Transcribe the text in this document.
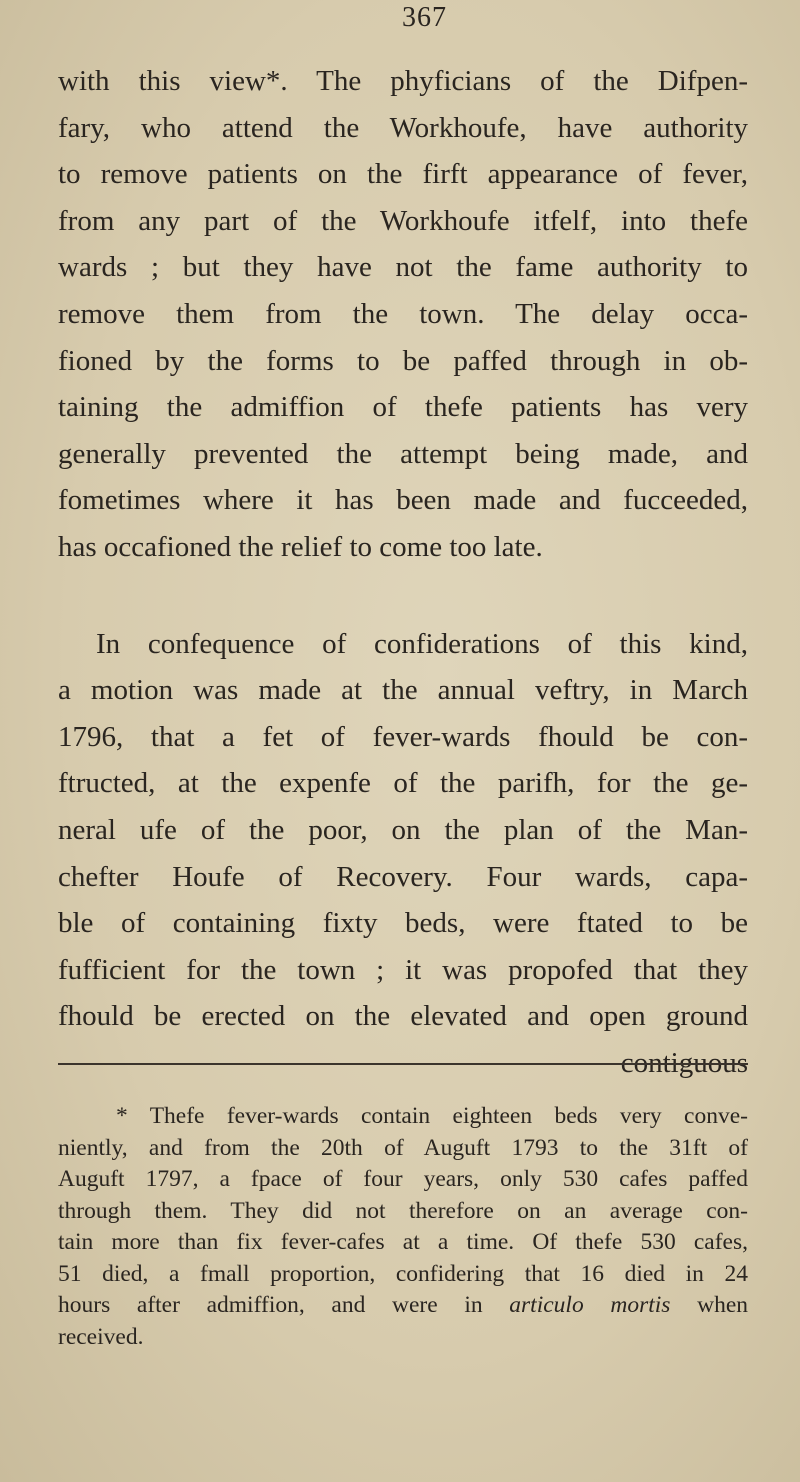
367
with this view*. The phyficians of the Difpen-
fary, who attend the Workhoufe, have authority
to remove patients on the firft appearance of fever,
from any part of the Workhoufe itfelf, into thefe
wards ; but they have not the fame authority to
remove them from the town. The delay occa-
fioned by the forms to be paffed through in ob-
taining the admiffion of thefe patients has very
generally prevented the attempt being made, and
fometimes where it has been made and fucceeded,
has occafioned the relief to come too late.
In confequence of confiderations of this kind,
a motion was made at the annual veftry, in March
1796, that a fet of fever-wards fhould be con-
ftructed, at the expenfe of the parifh, for the ge-
neral ufe of the poor, on the plan of the Man-
chefter Houfe of Recovery. Four wards, capa-
ble of containing fixty beds, were ftated to be
fufficient for the town ; it was propofed that they
fhould be erected on the elevated and open ground
contiguous
* Thefe fever-wards contain eighteen beds very conve-
niently, and from the 20th of Auguft 1793 to the 31ft of
Auguft 1797, a fpace of four years, only 530 cafes paffed
through them. They did not therefore on an average con-
tain more than fix fever-cafes at a time. Of thefe 530 cafes,
51 died, a fmall proportion, confidering that 16 died in 24
hours after admiffion, and were in articulo mortis when
received.
